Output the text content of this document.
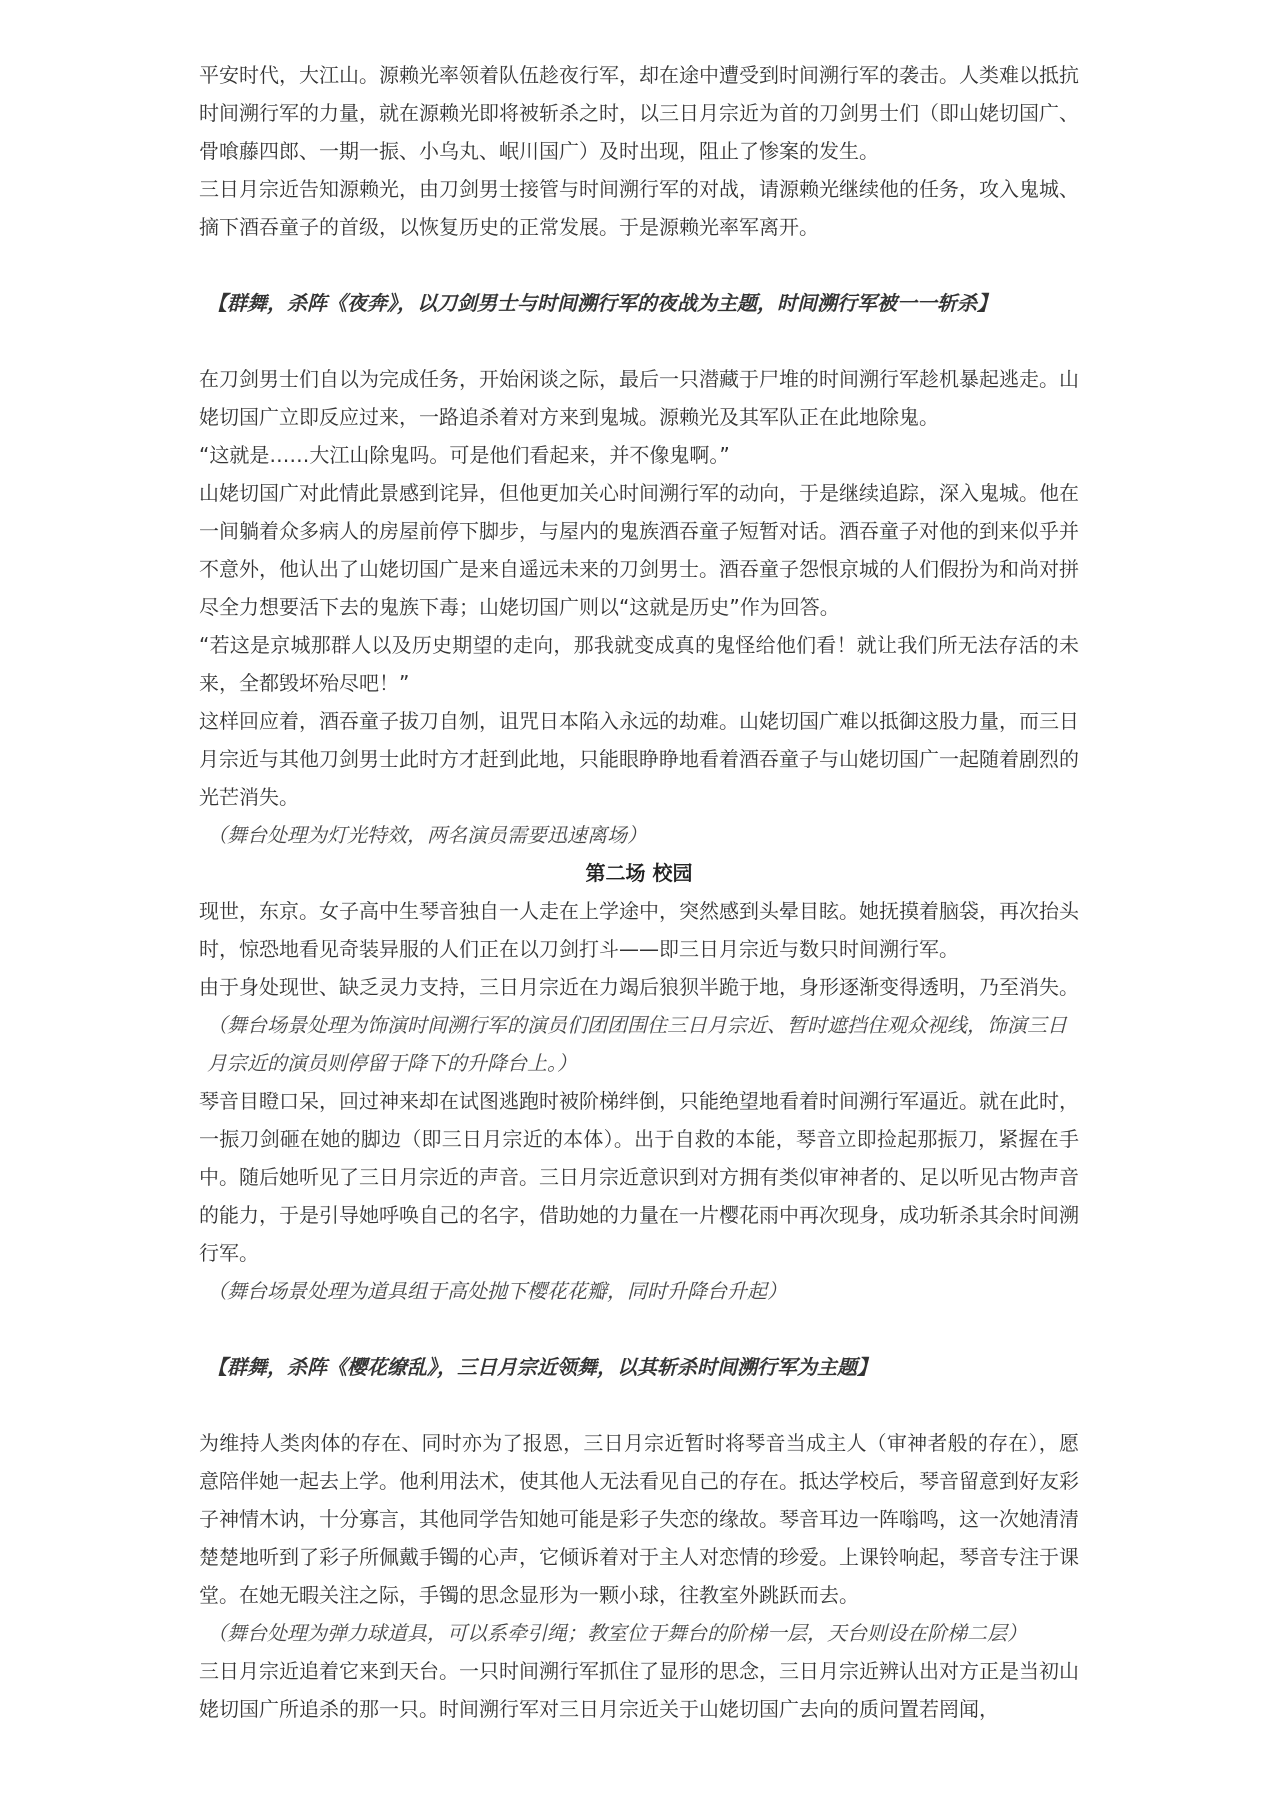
平安时代，大江山。源赖光率领着队伍趁夜行军，却在途中遭受到时间溯行军的袭击。人类难以抵抗时间溯行军的力量，就在源赖光即将被斩杀之时，以三日月宗近为首的刀剑男士们（即山姥切国广、骨喰藤四郎、一期一振、小乌丸、岷川国广）及时出现，阻止了惨案的发生。

三日月宗近告知源赖光，由刀剑男士接管与时间溯行军的对战，请源赖光继续他的任务，攻入鬼城、摘下酒吞童子的首级，以恢复历史的正常发展。于是源赖光率军离开。

【群舞，杀阵《夜奔》，以刀剑男士与时间溯行军的夜战为主题，时间溯行军被一一斩杀】

在刀剑男士们自以为完成任务，开始闲谈之际，最后一只潜藏于尸堆的时间溯行军趁机暴起逃走。山姥切国广立即反应过来，一路追杀着对方来到鬼城。源赖光及其军队正在此地除鬼。

“这就是……大江山除鬼吗。可是他们看起来，并不像鬼啊。”

山姥切国广对此情此景感到诧异，但他更加关心时间溯行军的动向，于是继续追踪，深入鬼城。他在一间躺着众多病人的房屋前停下脚步，与屋内的鬼族酒吞童子短暂对话。酒吞童子对他的到来似乎并不意外，他认出了山姥切国广是来自遥远未来的刀剑男士。酒吞童子怨恨京城的人们假扮为和尚对拼尽全力想要活下去的鬼族下毒；山姥切国广则以“这就是历史”作为回答。

“若这是京城那群人以及历史期望的走向，那我就变成真的鬼怪给他们看！就让我们所无法存活的未来，全都毁坏殆尽吧！”

这样回应着，酒吞童子拔刀自刎，诅咒日本陷入永远的劫难。山姥切国广难以抵御这股力量，而三日月宗近与其他刀剑男士此时方才赶到此地，只能眼睁睁地看着酒吞童子与山姥切国广一起随着剧烈的光芒消失。

（舞台处理为灯光特效，两名演员需要迅速离场）

第二场 校园

现世，东京。女子高中生琴音独自一人走在上学途中，突然感到头晕目眩。她抚摸着脑袋，再次抬头时，惊恐地看见奇装异服的人们正在以刀剑打斗——即三日月宗近与数只时间溯行军。

由于身处现世、缺乏灵力支持，三日月宗近在力竭后狼狈半跪于地，身形逐渐变得透明，乃至消失。

（舞台场景处理为饰演时间溯行军的演员们团团围住三日月宗近、暂时遮挡住观众视线，饰演三日月宗近的演员则停留于降下的升降台上。）

琴音目瞪口呆，回过神来却在试图逃跑时被阶梯绊倒，只能绝望地看着时间溯行军逼近。就在此时，一振刀剑砸在她的脚边（即三日月宗近的本体）。出于自救的本能，琴音立即捡起那振刀，紧握在手中。随后她听见了三日月宗近的声音。三日月宗近意识到对方拥有类似审神者的、足以听见古物声音的能力，于是引导她呼唤自己的名字，借助她的力量在一片樱花雨中再次现身，成功斩杀其余时间溯行军。

（舞台场景处理为道具组于高处抛下樱花花瓣，同时升降台升起）

【群舞，杀阵《樱花缭乱》，三日月宗近领舞，以其斩杀时间溯行军为主题】

为维持人类肉体的存在、同时亦为了报恩，三日月宗近暂时将琴音当成主人（审神者般的存在），愿意陪伴她一起去上学。他利用法术，使其他人无法看见自己的存在。抵达学校后，琴音留意到好友彩子神情木讷，十分寡言，其他同学告知她可能是彩子失恋的缘故。琴音耳边一阵嗡鸣，这一次她清清楚楚地听到了彩子所佩戴手镯的心声，它倾诉着对于主人对恋情的珍爱。上课铃响起，琴音专注于课堂。在她无暇关注之际，手镯的思念显形为一颗小球，往教室外跳跃而去。

（舞台处理为弹力球道具，可以系牵引绳；教室位于舞台的阶梯一层，天台则设在阶梯二层）

三日月宗近追着它来到天台。一只时间溯行军抓住了显形的思念，三日月宗近辨认出对方正是当初山姥切国广所追杀的那一只。时间溯行军对三日月宗近关于山姥切国广去向的质问置若罔闻，
